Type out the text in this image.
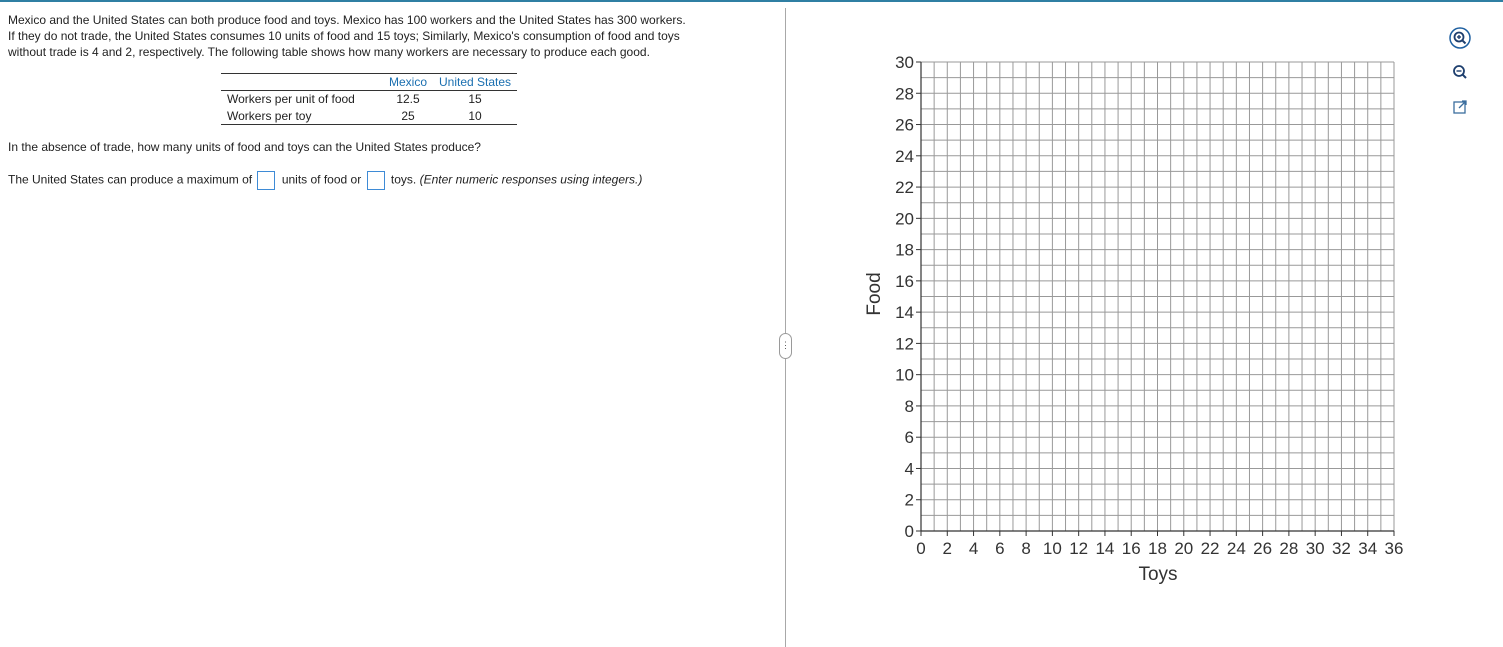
Mexico and the United States can both produce food and toys. Mexico has 100 workers and the United States has 300 workers.

If they do not trade, the United States consumes 10 units of food and 15 toys; Similarly, Mexico's consumption of food and toys

without trade is 4 and 2, respectively. The following table shows how many workers are necessary to produce each good.

	Mexico	United States
Workers per unit of food	12.5	15
Workers per toy	25	10

In the absence of trade, how many units of food and toys can the United States produce?

The United States can produce a maximum of units of food or toys. (Enter numeric responses using integers.)

⋮
0 2 4 6 8 10 12 14 16 18 20 22 24 26 28 30 32 34 36
0
2
4
6
8
10
12
14
16
18
20
22
24
26
28
30
Toys
Food
